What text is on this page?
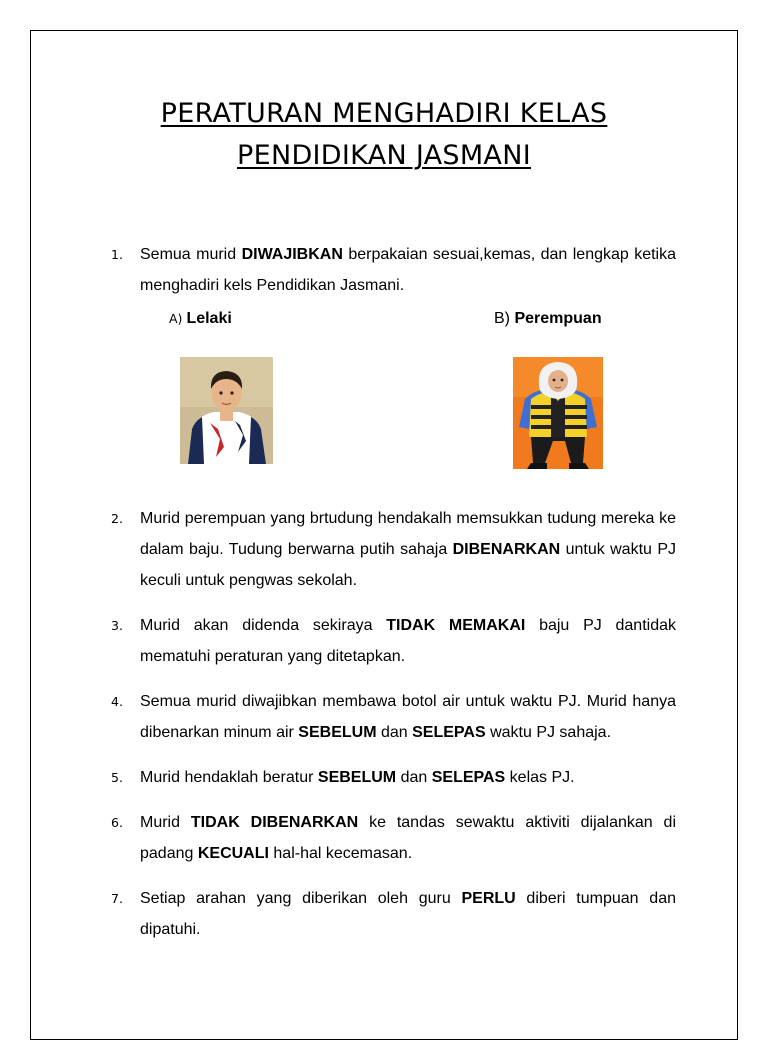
PERATURAN MENGHADIRI KELAS
PENDIDIKAN JASMANI
1. Semua murid DIWAJIBKAN berpakaian sesuai,kemas, dan lengkap ketika menghadiri kels Pendidikan Jasmani.
A) Lelaki	B) Perempuan
2. Murid perempuan yang brtudung hendakalh memsukkan tudung mereka ke dalam baju. Tudung berwarna putih sahaja DIBENARKAN untuk waktu PJ keculi untuk pengwas sekolah.
3. Murid akan didenda sekiraya TIDAK MEMAKAI baju PJ dantidak mematuhi peraturan yang ditetapkan.
4. Semua murid diwajibkan membawa botol air untuk waktu PJ. Murid hanya dibenarkan minum air SEBELUM dan SELEPAS waktu PJ sahaja.
5. Murid hendaklah beratur SEBELUM dan SELEPAS kelas PJ.
6. Murid TIDAK DIBENARKAN ke tandas sewaktu aktiviti dijalankan di padang KECUALI hal-hal kecemasan.
7. Setiap arahan yang diberikan oleh guru PERLU diberi tumpuan dan dipatuhi.
